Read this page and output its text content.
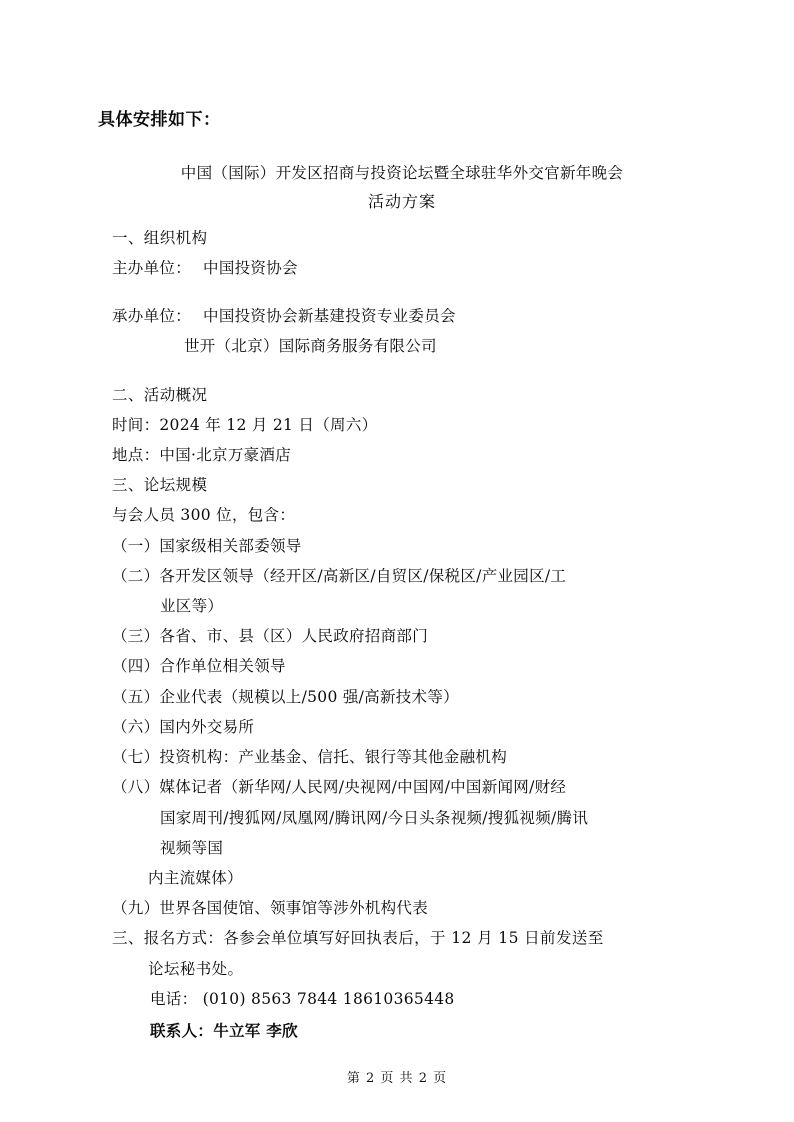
具体安排如下：
中国（国际）开发区招商与投资论坛暨全球驻华外交官新年晚会
活动方案
一、组织机构
主办单位： 中国投资协会
承办单位： 中国投资协会新基建投资专业委员会
世开（北京）国际商务服务有限公司
二、活动概况
时间：2024 年 12 月 21 日（周六）
地点：中国·北京万豪酒店
三、论坛规模
与会人员 300 位，包含：
（一）国家级相关部委领导
（二）各开发区领导（经开区/高新区/自贸区/保税区/产业园区/工
业区等）
（三）各省、市、县（区）人民政府招商部门
（四）合作单位相关领导
（五）企业代表（规模以上/500 强/高新技术等）
（六）国内外交易所
（七）投资机构：产业基金、信托、银行等其他金融机构
（八）媒体记者（新华网/人民网/央视网/中国网/中国新闻网/财经
国家周刊/搜狐网/凤凰网/腾讯网/今日头条视频/搜狐视频/腾讯
视频等国
内主流媒体）
（九）世界各国使馆、领事馆等涉外机构代表
三、报名方式：各参会单位填写好回执表后，于 12 月 15 日前发送至
论坛秘书处。
电话： (010) 8563 7844 18610365448
联系人：牛立军 李欣
第 2 页 共 2 页
